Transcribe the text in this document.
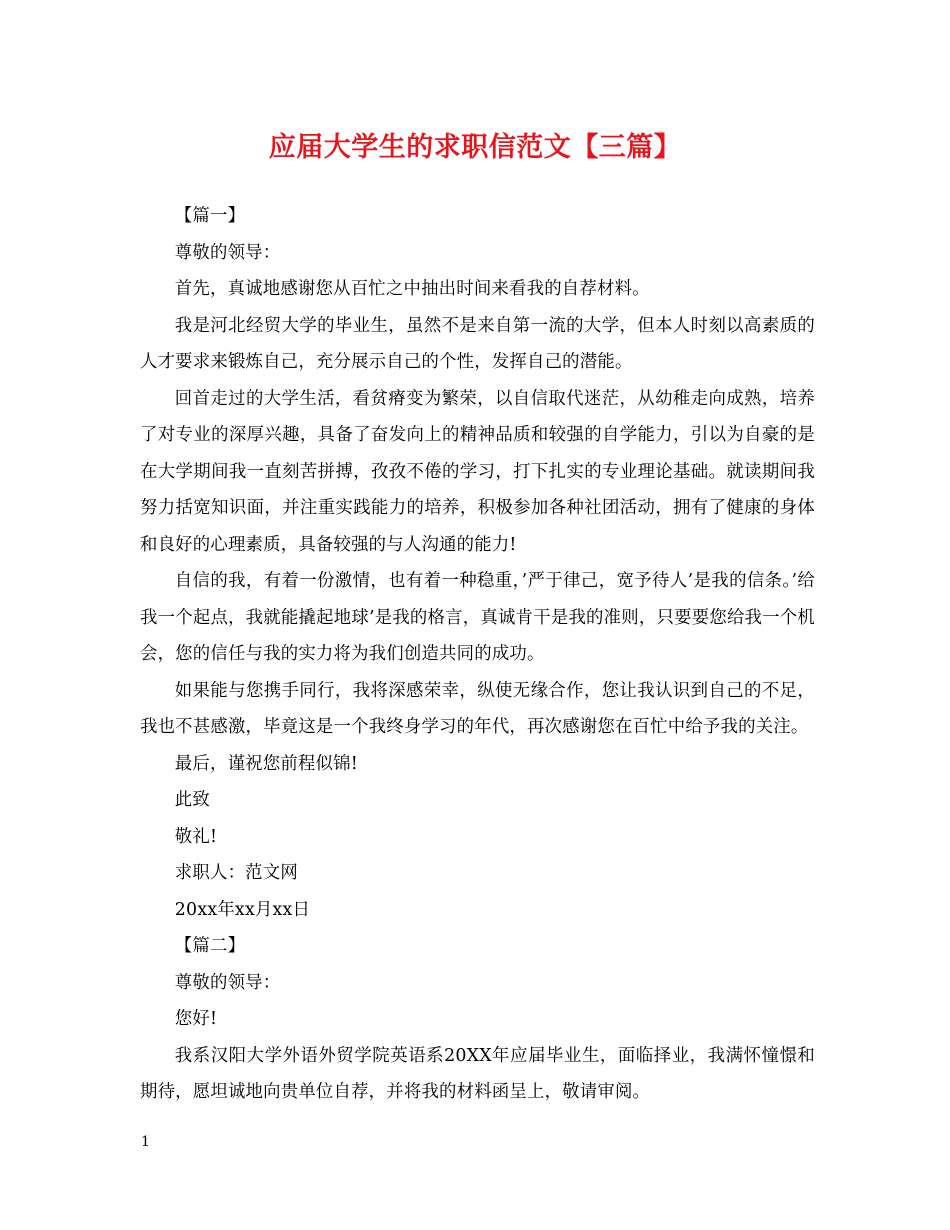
应届大学生的求职信范文【三篇】

【篇一】

尊敬的领导：

首先，真诚地感谢您从百忙之中抽出时间来看我的自荐材料。

我是河北经贸大学的毕业生，虽然不是来自第一流的大学，但本人时刻以高素质的人才要求来锻炼自己，充分展示自己的个性，发挥自己的潜能。

回首走过的大学生活，看贫瘠变为繁荣，以自信取代迷茫，从幼稚走向成熟，培养了对专业的深厚兴趣，具备了奋发向上的精神品质和较强的自学能力，引以为自豪的是在大学期间我一直刻苦拼搏，孜孜不倦的学习，打下扎实的专业理论基础。就读期间我努力括宽知识面，并注重实践能力的培养，积极参加各种社团活动，拥有了健康的身体和良好的心理素质，具备较强的与人沟通的能力!

自信的我，有着一份激情，也有着一种稳重，’严于律己，宽予待人’是我的信条。’给我一个起点，我就能撬起地球’是我的格言，真诚肯干是我的准则，只要要您给我一个机会，您的信任与我的实力将为我们创造共同的成功。

如果能与您携手同行，我将深感荣幸，纵使无缘合作，您让我认识到自己的不足，我也不甚感激，毕竟这是一个我终身学习的年代，再次感谢您在百忙中给予我的关注。

最后，谨祝您前程似锦!

此致

敬礼!

求职人：范文网

20xx年xx月xx日

【篇二】

尊敬的领导：

您好!

我系汉阳大学外语外贸学院英语系20XX年应届毕业生，面临择业，我满怀憧憬和期待，愿坦诚地向贵单位自荐，并将我的材料函呈上，敬请审阅。

1
